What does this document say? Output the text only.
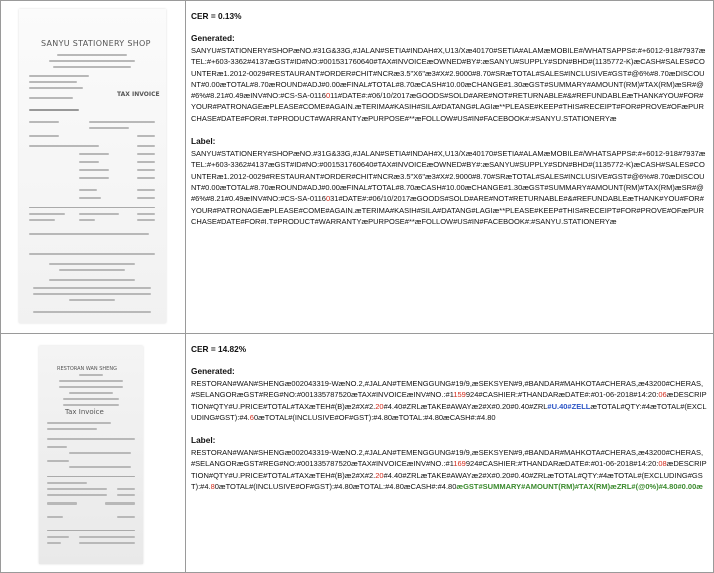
SANYU STATIONERY SHOP
TAX INVOICE
CER = 0.13%
Generated:
SANYU#STATIONERY#SHOPæNO.#31G&33G,#JALAN#SETIA#INDAH#X,U13/Xæ40170#SETIA#ALAMæMOBILE#/WHATSAPPS#:#+6012-918#7937æTEL:#+603-3362#4137æGST#ID#NO:#001531760640#TAX#INVOICEæOWNED#BY#:æSANYU#SUPPLY#SDN#BHD#(1135772-K)æCASH#SALES#COUNTERæ1.2012-0029#RESTAURANT#ORDER#CHIT#NCRæ3.5"X6"æ3#X#2.9000#8.70#SRæTOTAL#SALES#INCLUSIVE#GST#@6%#8.70æDISCOUNT#0.00æTOTAL#8.70æROUND#ADJ#0.00æFINAL#TOTAL#8.70æCASH#10.00æCHANGE#1.30æGST#SUMMARY#AMOUNT(RM)#TAX(RM)æSR#@#6%#8.21#0.49æINV#NO:#CS-SA-0116011#DATE#:#06/10/2017æGOODS#SOLD#ARE#NOT#RETURNABLE#&#REFUNDABLEæTHANK#YOU#FOR#YOUR#PATRONAGEæPLEASE#COME#AGAIN.æTERIMA#KASIH#SILA#DATANG#LAGIæ**PLEASE#KEEP#THIS#RECEIPT#FOR#PROVE#OFæPURCHASE#DATE#FOR#I.T#PRODUCT#WARRANTYæPURPOSE#**æFOLLOW#US#IN#FACEBOOK#:#SANYU.STATIONERYæ
Label:
SANYU#STATIONERY#SHOPæNO.#31G&33G,#JALAN#SETIA#INDAH#X,U13/Xæ40170#SETIA#ALAMæMOBILE#/WHATSAPPS#:#+6012-918#7937æTEL:#+603-3362#4137æGST#ID#NO:#001531760640#TAX#INVOICEæOWNED#BY#:æSANYU#SUPPLY#SDN#BHD#(1135772-K)æCASH#SALES#COUNTERæ1.2012-0029#RESTAURANT#ORDER#CHIT#NCRæ3.5"X6"æ3#X#2.9000#8.70#SRæTOTAL#SALES#INCLUSIVE#GST#@6%#8.70æDISCOUNT#0.00æTOTAL#8.70æROUND#ADJ#0.00æFINAL#TOTAL#8.70æCASH#10.00æCHANGE#1.30æGST#SUMMARY#AMOUNT(RM)#TAX(RM)æSR#@#6%#8.21#0.49æINV#NO:#CS-SA-0116031#DATE#:#06/10/2017æGOODS#SOLD#ARE#NOT#RETURNABLE#&#REFUNDABLEæTHANK#YOU#FOR#YOUR#PATRONAGEæPLEASE#COME#AGAIN.æTERIMA#KASIH#SILA#DATANG#LAGIæ**PLEASE#KEEP#THIS#RECEIPT#FOR#PROVE#OFæPURCHASE#DATE#FOR#I.T#PRODUCT#WARRANTYæPURPOSE#**æFOLLOW#US#IN#FACEBOOK#:#SANYU.STATIONERYæ
RESTORAN WAN SHENG
Tax Invoice
CER = 14.82%
Generated:
RESTORAN#WAN#SHENGæ002043319-WæNO.2,#JALAN#TEMENGGUNG#19/9,æSEKSYEN#9,#BANDAR#MAHKOTA#CHERAS,æ43200#CHERAS,#SELANGORæGST#REG#NO:#001335787520æTAX#INVOICEæINV#NO.:#1159924#CASHIER:#THANDARæDATE#:#01-06-2018#14:20:06æDESCRIPTION#QTY#U.PRICE#TOTAL#TAXæTEH#(B)æ2#X#2.20#4.40#ZRLæTAKE#AWAYæ2#X#0.20#0.40#ZRL#U.40#ZELLæTOTAL#QTY:#4æTOTAL#(EXCLUDING#GST):#4.60æTOTAL#(INCLUSIVE#OF#GST):#4.80æTOTAL:#4.80æCASH#:#4.80
Label:
RESTORAN#WAN#SHENGæ002043319-WæNO.2,#JALAN#TEMENGGUNG#19/9,æSEKSYEN#9,#BANDAR#MAHKOTA#CHERAS,æ43200#CHERAS,#SELANGORæGST#REG#NO:#001335787520æTAX#INVOICEæINV#NO.:#1169924#CASHIER:#THANDARæDATE#:#01-06-2018#14:20:08æDESCRIPTION#QTY#U.PRICE#TOTAL#TAXæTEH#(B)æ2#X#2.20#4.40#ZRLæTAKE#AWAYæ2#X#0.20#0.40#ZRLæTOTAL#QTY:#4æTOTAL#(EXCLUDING#GST):#4.80æTOTAL#(INCLUSIVE#OF#GST):#4.80æTOTAL:#4.80æCASH#:#4.80æGST#SUMMARY#AMOUNT(RM)#TAX(RM)æZRL#(@0%)#4.80#0.00æ
